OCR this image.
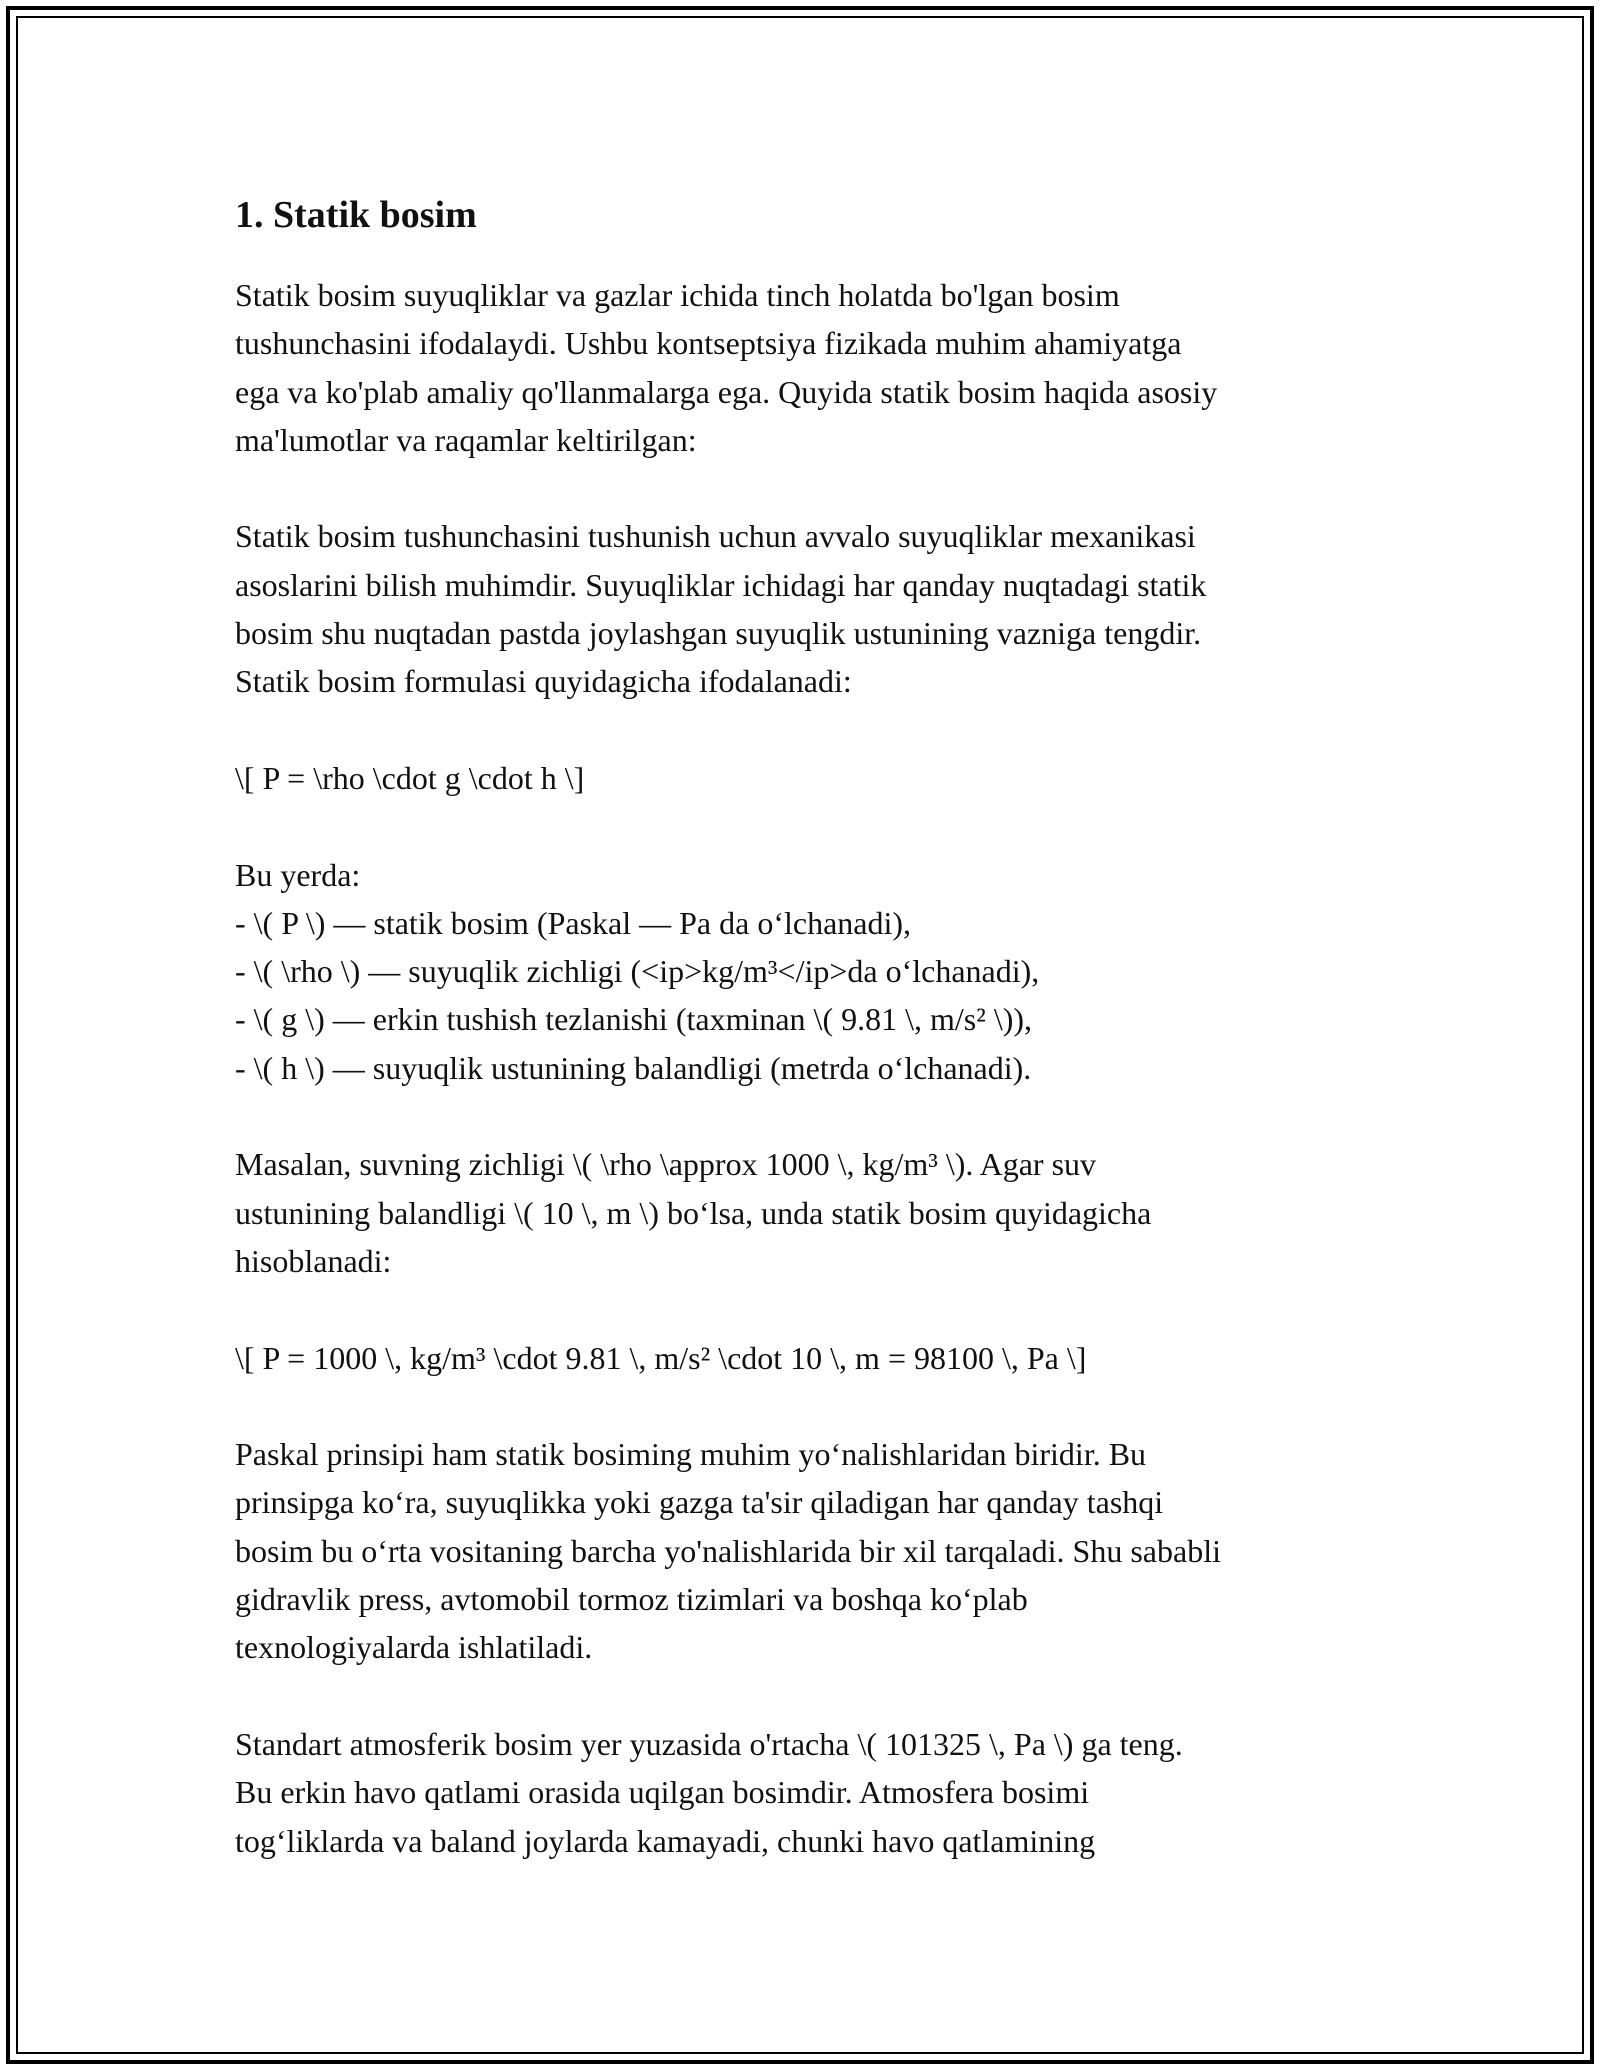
1. Statik bosim

Statik bosim suyuqliklar va gazlar ichida tinch holatda bo'lgan bosim
tushunchasini ifodalaydi. Ushbu kontseptsiya fizikada muhim ahamiyatga
ega va ko'plab amaliy qo'llanmalarga ega. Quyida statik bosim haqida asosiy
ma'lumotlar va raqamlar keltirilgan:

Statik bosim tushunchasini tushunish uchun avvalo suyuqliklar mexanikasi
asoslarini bilish muhimdir. Suyuqliklar ichidagi har qanday nuqtadagi statik
bosim shu nuqtadan pastda joylashgan suyuqlik ustunining vazniga tengdir.
Statik bosim formulasi quyidagicha ifodalanadi:

\[ P = \rho \cdot g \cdot h \]

Bu yerda:
- \( P \) — statik bosim (Paskal — Pa da o‘lchanadi),
- \( \rho \) — suyuqlik zichligi (<ip>kg/m³</ip>da o‘lchanadi),
- \( g \) — erkin tushish tezlanishi (taxminan \( 9.81 \, m/s² \)),
- \( h \) — suyuqlik ustunining balandligi (metrda o‘lchanadi).

Masalan, suvning zichligi \( \rho \approx 1000 \, kg/m³ \). Agar suv
ustunining balandligi \( 10 \, m \) bo‘lsa, unda statik bosim quyidagicha
hisoblanadi:

\[ P = 1000 \, kg/m³ \cdot 9.81 \, m/s² \cdot 10 \, m = 98100 \, Pa \]

Paskal prinsipi ham statik bosiming muhim yo‘nalishlaridan biridir. Bu
prinsipga ko‘ra, suyuqlikka yoki gazga ta'sir qiladigan har qanday tashqi
bosim bu o‘rta vositaning barcha yo'nalishlarida bir xil tarqaladi. Shu sababli
gidravlik press, avtomobil tormoz tizimlari va boshqa ko‘plab
texnologiyalarda ishlatiladi.

Standart atmosferik bosim yer yuzasida o'rtacha \( 101325 \, Pa \) ga teng.
Bu erkin havo qatlami orasida uqilgan bosimdir. Atmosfera bosimi
tog‘liklarda va baland joylarda kamayadi, chunki havo qatlamining
